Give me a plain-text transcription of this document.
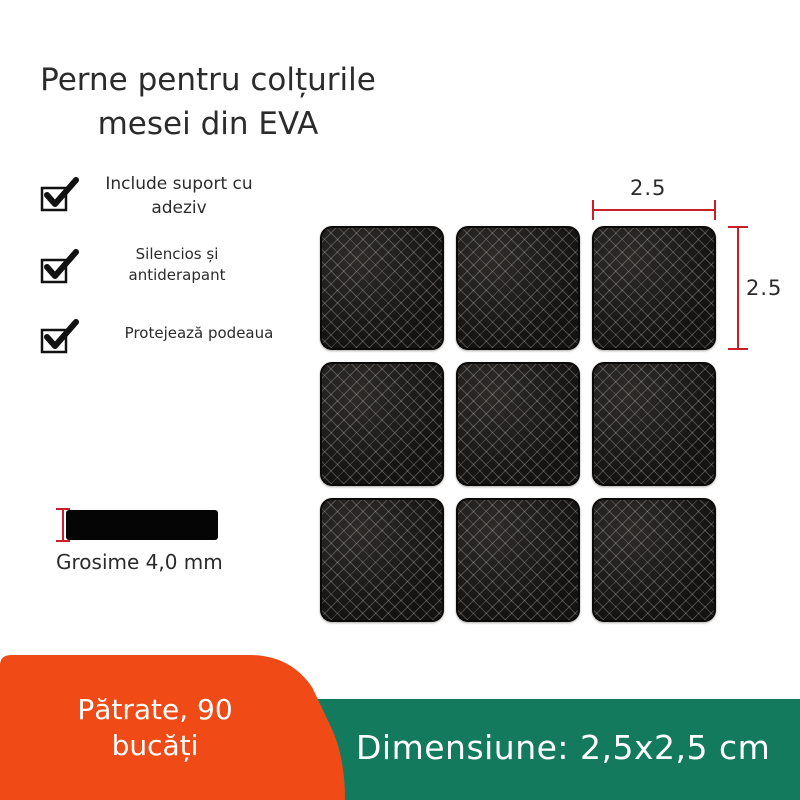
Perne pentru colțurile
mesei din EVA
Include suport cu
adeziv
Silencios și
antiderapant
Protejează podeaua
Grosime 4,0 mm
2.5
2.5
Pătrate, 90
bucăți	Dimensiune: 2,5x2,5 cm
